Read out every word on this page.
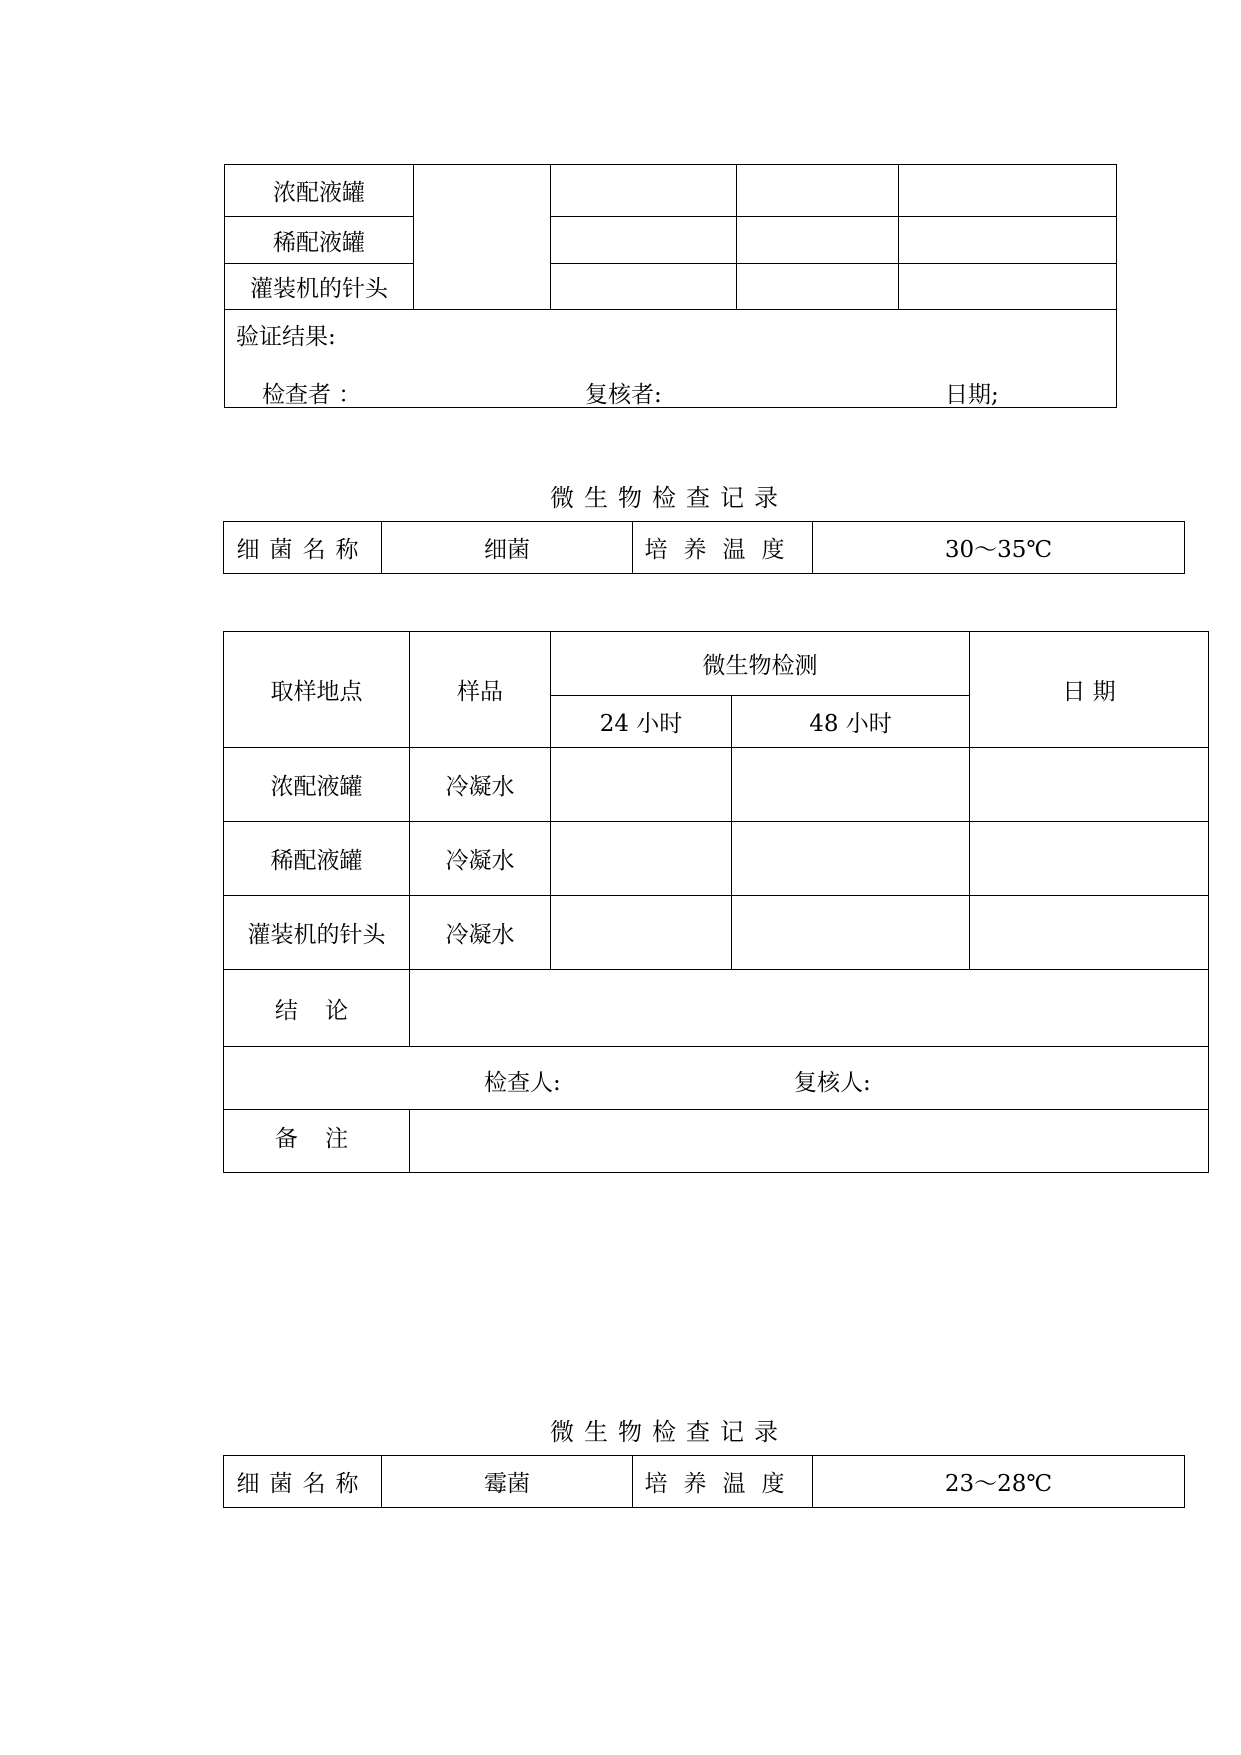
浓配液罐				
稀配液罐				
灌装机的针头				

验证结果:
检查者 ： 复核者: 日期;				
微生物检查记录
细菌名称	细菌	培养温度	30～35℃
取样地点	样品	微生物检测		日 期
		24 小时	48 小时	
浓配液罐	冷凝水			
稀配液罐	冷凝水			
灌装机的针头	冷凝水			
结 论				

检查人: 复核人:				

备 注				
微生物检查记录
细菌名称	霉菌	培养温度	23～28℃
